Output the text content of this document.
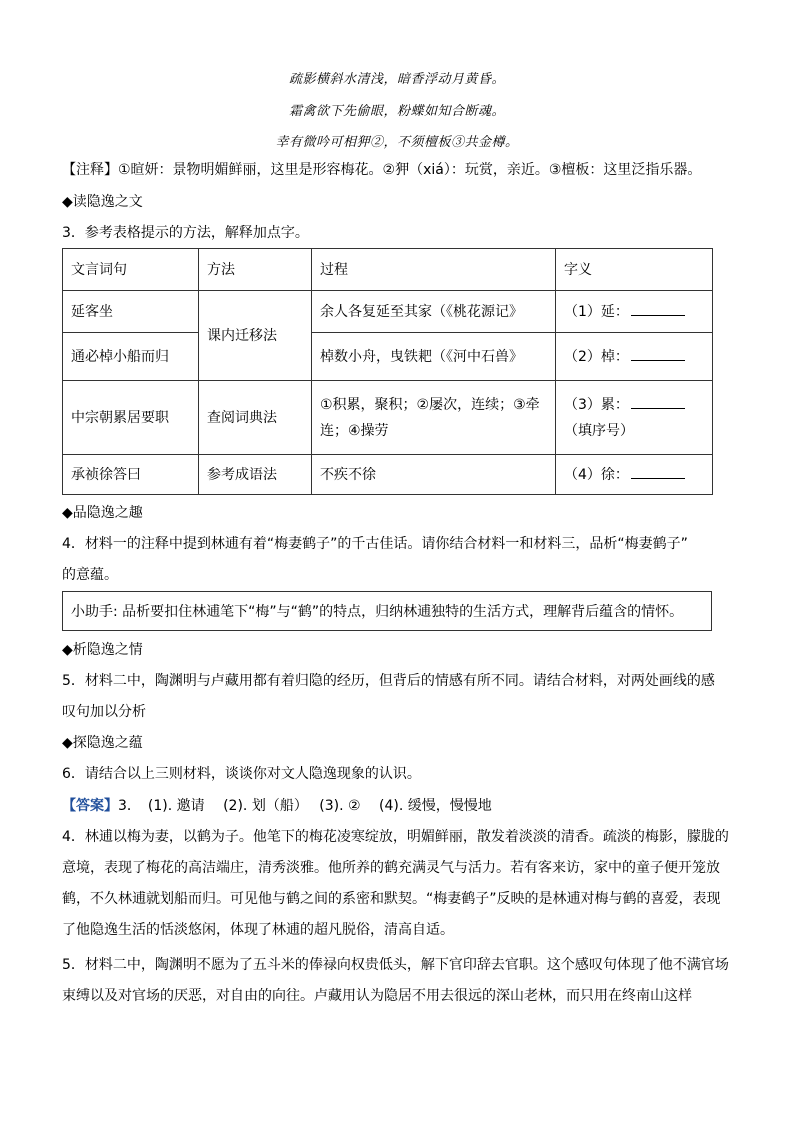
疏影横斜水清浅，暗香浮动月黄昏。
霜禽欲下先偷眼，粉蝶如知合断魂。
幸有微吟可相狎②，不须檀板③共金樽。
【注释】①暄妍：景物明媚鲜丽，这里是形容梅花。②狎（xiá）：玩赏，亲近。③檀板：这里泛指乐器。
◆读隐逸之文
3．参考表格提示的方法，解释加点字。
文言词句	方法	过程	字义
延客坐	课内迁移法	余人各复延至其家（《桃花源记》	（1）延：
通必棹小船而归		棹数小舟，曳铁耙（《河中石兽》	（2）棹：
中宗朝累居要职	查阅词典法	①积累，聚积；②屡次，连续；③牵连；④操劳	（3）累：
（填序号）
承祯徐答曰	参考成语法	不疾不徐	（4）徐：
◆品隐逸之趣
4．材料一的注释中提到林逋有着“梅妻鹤子”的千古佳话。请你结合材料一和材料三，品析“梅妻鹤子”
的意蕴。
小助手: 品析要扣住林逋笔下“梅”与“鹤”的特点，归纳林逋独特的生活方式，理解背后蕴含的情怀。
◆析隐逸之情
5．材料二中，陶渊明与卢藏用都有着归隐的经历，但背后的情感有所不同。请结合材料，对两处画线的感
叹句加以分析
◆探隐逸之蕴
6．请结合以上三则材料，谈谈你对文人隐逸现象的认识。
【答案】3．　(1). 邀请　 (2). 划（船）　 (3). ②　 (4). 缓慢，慢慢地
4．林逋以梅为妻，以鹤为子。他笔下的梅花凌寒绽放，明媚鲜丽，散发着淡淡的清香。疏淡的梅影，朦胧的意境，表现了梅花的高洁端庄，清秀淡雅。他所养的鹤充满灵气与活力。若有客来访，家中的童子便开笼放鹤，不久林逋就划船而归。可见他与鹤之间的系密和默契。“梅妻鹤子”反映的是林逋对梅与鹤的喜爱，表现了他隐逸生活的恬淡悠闲，体现了林逋的超凡脱俗，清高自适。
5．材料二中，陶渊明不愿为了五斗米的俸禄向权贵低头，解下官印辞去官职。这个感叹句体现了他不满官场束缚以及对官场的厌恶，对自由的向往。卢藏用认为隐居不用去很远的深山老林，而只用在终南山这样
